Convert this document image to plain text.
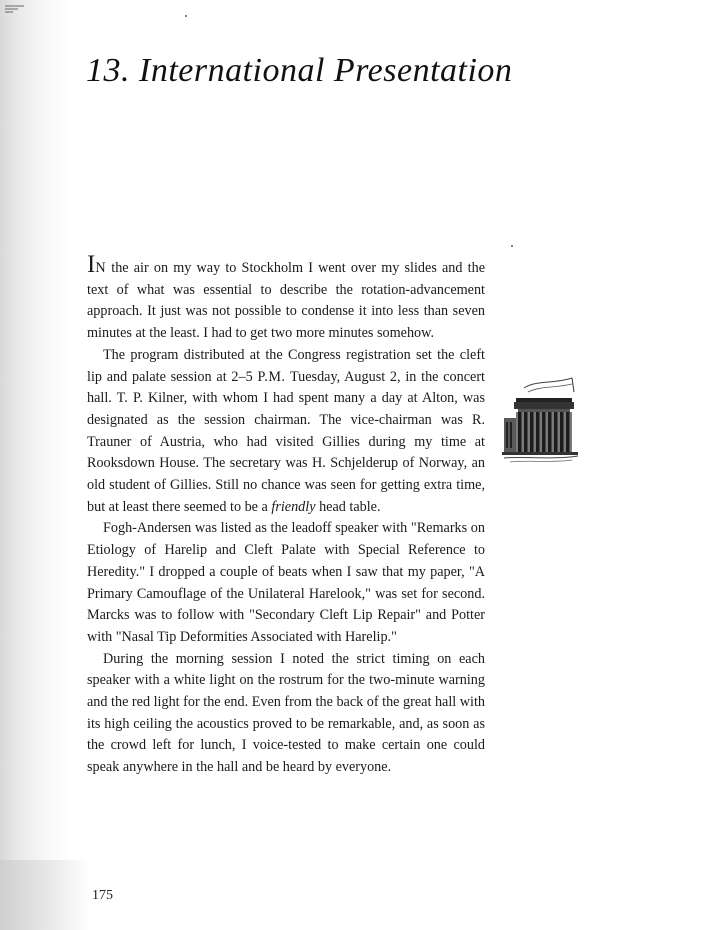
13. International Presentation

IN the air on my way to Stockholm I went over my slides and the text of what was essential to describe the rotation-advancement approach. It just was not possible to condense it into less than seven minutes at the least. I had to get two more minutes somehow.

The program distributed at the Congress registration set the cleft lip and palate session at 2–5 P.M. Tuesday, August 2, in the concert hall. T. P. Kilner, with whom I had spent many a day at Alton, was designated as the session chairman. The vice-chairman was R. Trauner of Austria, who had visited Gillies during my time at Rooksdown House. The secretary was H. Schjelderup of Norway, an old student of Gillies. Still no chance was seen for getting extra time, but at least there seemed to be a friendly head table.

Fogh-Andersen was listed as the leadoff speaker with "Remarks on Etiology of Harelip and Cleft Palate with Special Reference to Heredity." I dropped a couple of beats when I saw that my paper, "A Primary Camouflage of the Unilateral Harelook," was set for second. Marcks was to follow with "Secondary Cleft Lip Repair" and Potter with "Nasal Tip Deformities Associated with Harelip."

During the morning session I noted the strict timing on each speaker with a white light on the rostrum for the two-minute warning and the red light for the end. Even from the back of the great hall with its high ceiling the acoustics proved to be remarkable, and, as soon as the crowd left for lunch, I voice-tested to make certain one could speak anywhere in the hall and be heard by everyone.

175
